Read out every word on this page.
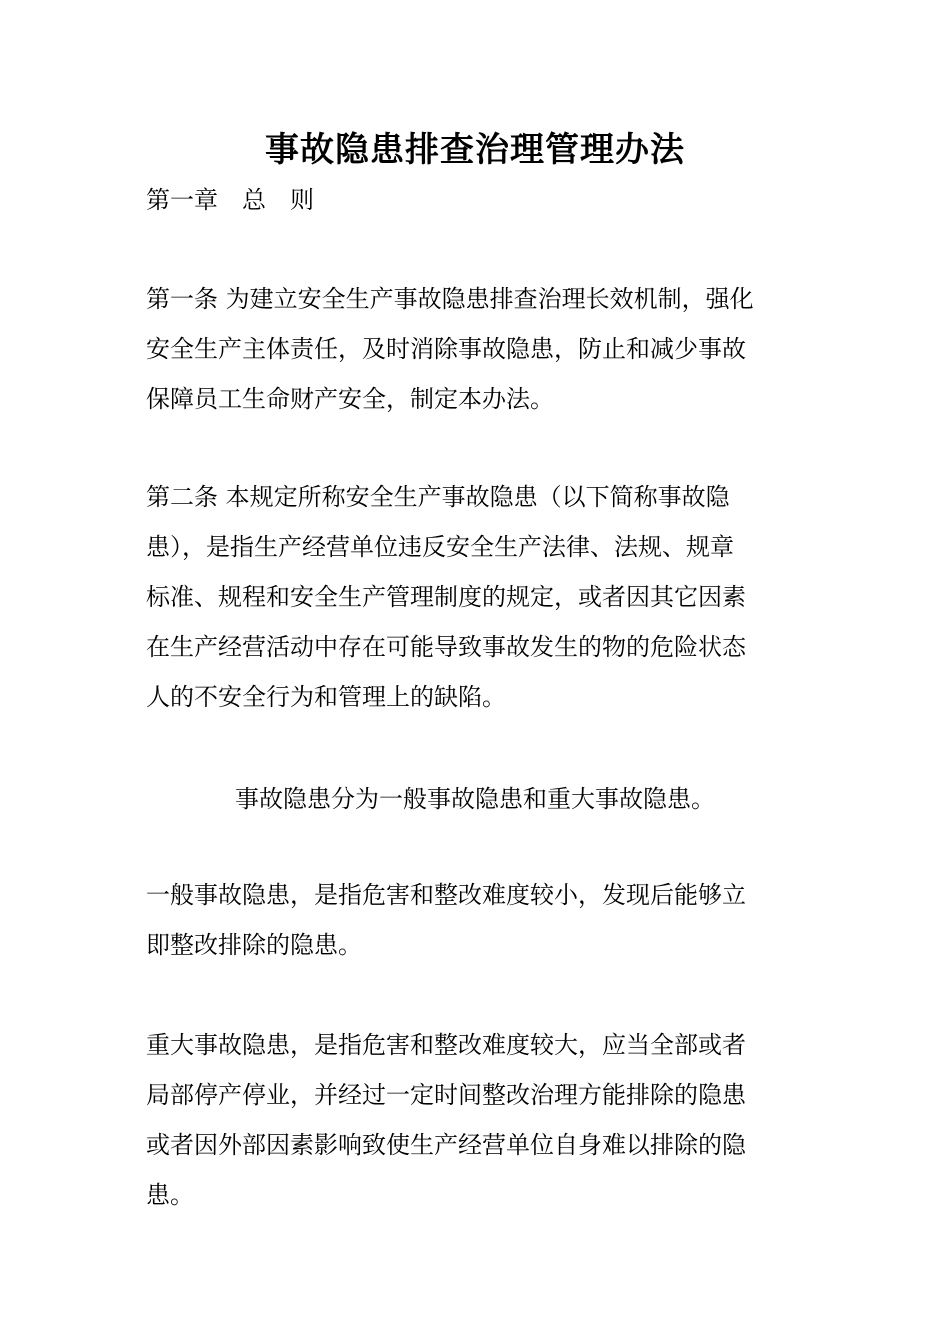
事故隐患排查治理管理办法
第一章　总　则
第一条 为建立安全生产事故隐患排查治理长效机制，强化
安全生产主体责任，及时消除事故隐患，防止和减少事故
保障员工生命财产安全，制定本办法。
第二条 本规定所称安全生产事故隐患（以下简称事故隐
患），是指生产经营单位违反安全生产法律、法规、规章
标准、规程和安全生产管理制度的规定，或者因其它因素
在生产经营活动中存在可能导致事故发生的物的危险状态
人的不安全行为和管理上的缺陷。
事故隐患分为一般事故隐患和重大事故隐患。
一般事故隐患，是指危害和整改难度较小，发现后能够立
即整改排除的隐患。
重大事故隐患，是指危害和整改难度较大，应当全部或者
局部停产停业，并经过一定时间整改治理方能排除的隐患
或者因外部因素影响致使生产经营单位自身难以排除的隐
患。
